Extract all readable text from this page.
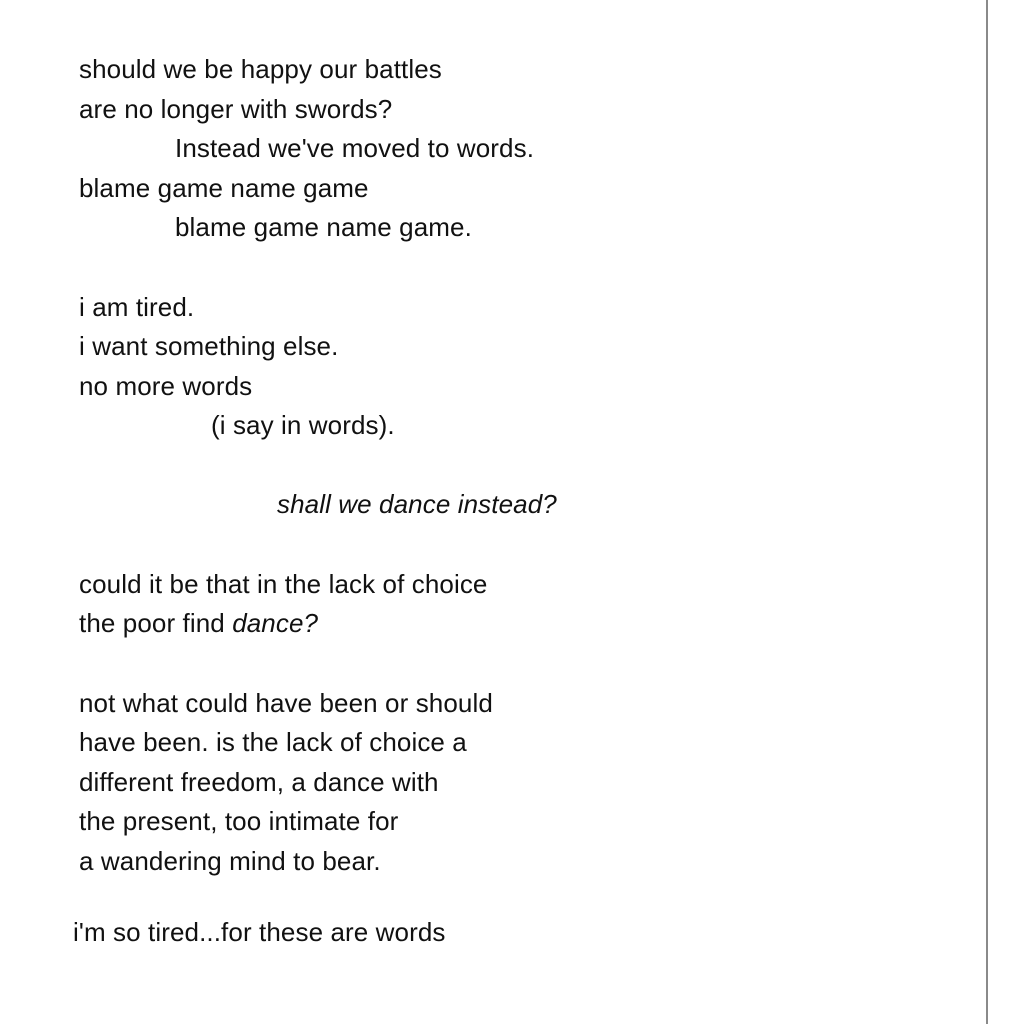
should we be happy our battles
are no longer with swords?
Instead we've moved to words.
blame game name game
blame game name game.
i am tired.
i want something else.
no more words
(i say in words).
shall we dance instead?
could it be that in the lack of choice
the poor find dance?
not what could have been or should
have been. is the lack of choice a
different freedom, a dance with
the present, too intimate for
a wandering mind to bear.
i'm so tired...for these are words
